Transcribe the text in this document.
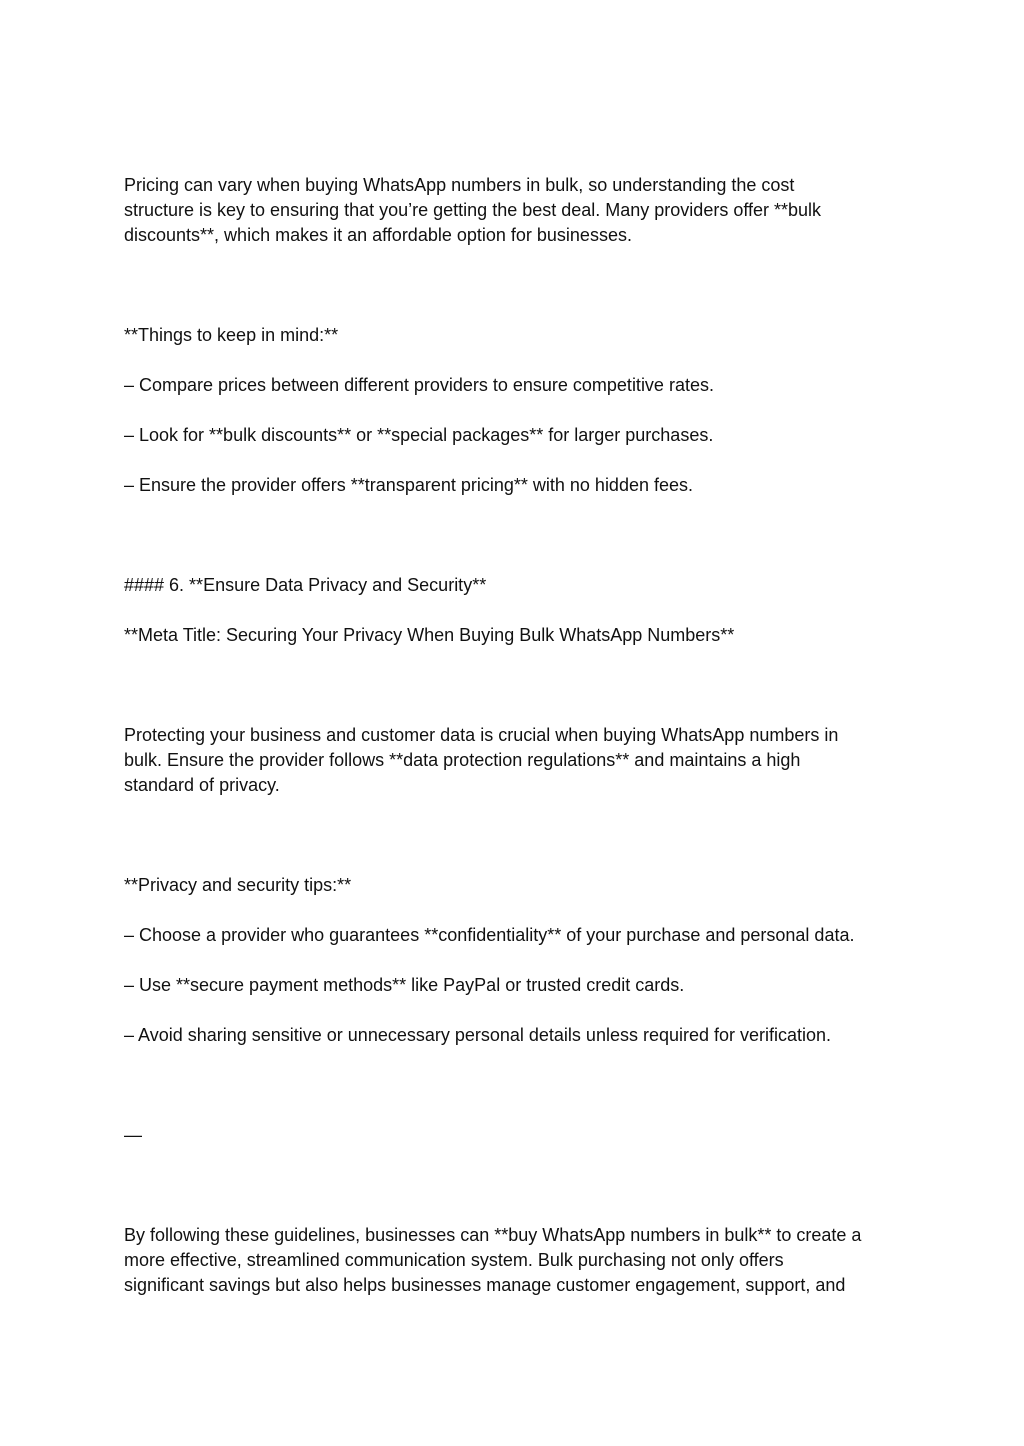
Pricing can vary when buying WhatsApp numbers in bulk, so understanding the cost
structure is key to ensuring that you’re getting the best deal. Many providers offer **bulk
discounts**, which makes it an affordable option for businesses.
**Things to keep in mind:**
– Compare prices between different providers to ensure competitive rates.
– Look for **bulk discounts** or **special packages** for larger purchases.
– Ensure the provider offers **transparent pricing** with no hidden fees.
#### 6. **Ensure Data Privacy and Security**
**Meta Title: Securing Your Privacy When Buying Bulk WhatsApp Numbers**
Protecting your business and customer data is crucial when buying WhatsApp numbers in
bulk. Ensure the provider follows **data protection regulations** and maintains a high
standard of privacy.
**Privacy and security tips:**
– Choose a provider who guarantees **confidentiality** of your purchase and personal data.
– Use **secure payment methods** like PayPal or trusted credit cards.
– Avoid sharing sensitive or unnecessary personal details unless required for verification.
—
By following these guidelines, businesses can **buy WhatsApp numbers in bulk** to create a
more effective, streamlined communication system. Bulk purchasing not only offers
significant savings but also helps businesses manage customer engagement, support, and
